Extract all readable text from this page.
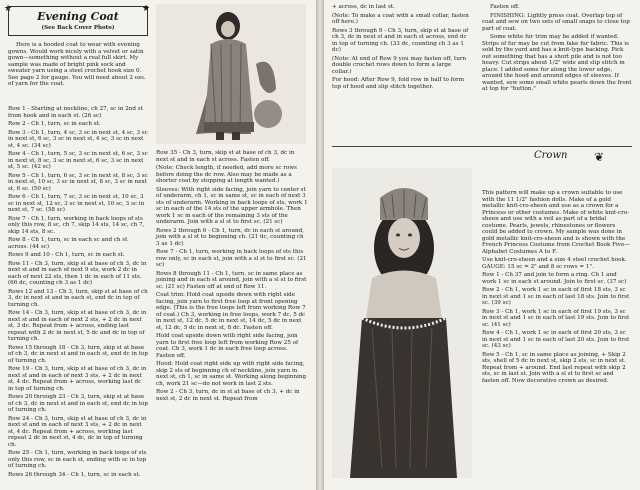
★
Evening Coat
(See Back Cover Photo)
★

Here is a hooded coat to wear with evening gowns. Would work nicely with a velvet or satin gown—something without a real full skirt. My sample was made of bright pink sock and sweater yarn using a steel crochet hook size 0. See page 2 for gauge. You will need about 2 ozs. of yarn for the coat.

Row 1 - Starting at neckline, ch 27, sc in 2nd st from hook and in each st. (26 sc)

Row 2 - Ch 1, turn, sc in each st.

Row 3 - Ch 1, turn, 4 sc, 3 sc in next st, 4 sc, 3 sc in next st, 6 sc, 3 sc in next st, 4 sc, 3 sc in next st, 4 sc. (34 sc)

Row 4 - Ch 1, turn, 5 sc, 3 sc in next st, 6 sc, 3 sc in next st, 8 sc, 3 sc in next st, 6 sc, 3 sc in next st, 5 sc. (42 sc)

Row 5 - Ch 1, turn, 6 sc, 3 sc in next st, 8 sc, 3 sc in next st, 10 sc, 3 sc in next st, 8 sc, 3 sc in next st, 6 sc. (50 sc)

Row 6 - Ch 1, turn, 7 sc, 3 sc in next st, 10 sc, 3 sc in next st, 12 sc, 3 sc in next st, 10 sc, 3 sc in next st, 7 sc. (58 sc)

Row 7 - Ch 1, turn, working in back loops of sts only this row, 8 sc, ch 7, skip 14 sts, 14 sc, ch 7, skip 14 sts, 8 sc.

Row 8 - Ch 1, turn, sc in each sc and ch st across. (44 sc)

Rows 9 and 10 - Ch 1, turn, sc in each st.

Row 11 - Ch 3, turn, skip st at base of ch 3, dc in next st and in each of next 9 sts, work 2 dc in each of next 22 sts, then 1 dc in each of 11 sts. (66 dc, counting ch 3 as 1 dc)

Rows 12 and 13 - Ch 3, turn, skip st at base of ch 3, dc in next st and in each st, end dc in top of turning ch.

Row 14 - Ch 3, turn, skip st at base of ch 3, dc in next st and in each of next 2 sts, + 2 dc in next st, 3 dc. Repeat from + across, ending last repeat with 2 dc in next st, 5 dc and dc in top of turning ch.

Rows 15 through 18 - Ch 3, turn, skip st at base of ch 3, dc in next st and in each st, end dc in top of turning ch.

Row 19 - Ch 3, turn, skip st at base of ch 3, dc in next st and in each of next 3 sts, + 2 dc in next st, 4 dc. Repeat from + across, working last dc in top of turning ch.

Rows 20 through 23 - Ch 3, turn, skip st at base of ch 3, dc in next st and in each st, end dc in top of turning ch.

Row 24 - Ch 3, turn, skip st at base of ch 3, dc in next st and in each of next 3 sts, + 2 dc in next st, 4 dc. Repeat from + across, working last repeat 2 dc in next st, 4 dc, dc in top of turning ch.

Row 25 - Ch 1, turn, working in back loops of sts only this row, sc in each st, ending with sc in top of turning ch.

Rows 26 through 34 - Ch 1, turn, sc in each st.

Row 35 - Ch 3, turn, skip st at base of ch 3, dc in next st and in each st across. Fasten off.

(Note: Check length, if needed, add more sc rows before doing the dc row. Also may be made as a shorter coat by stopping at length wanted.)

Sleeves: With right side facing, join yarn to center st of underarm, ch 1, sc in same st, sc in each of next 3 sts of underarm. Working in back loops of sts, work 1 sc in each of the 14 sts of the upper armhole. Then work 1 sc in each of the remaining 3 sts of the underarm. Join with a sl st to first sc. (21 sc)

Rows 2 through 6 - Ch 1, turn, dc in each st around, join with a sl st to beginning ch. (21 dc, counting ch 3 as 1 dc)

Row 7 - Ch 1, turn, working in back loops of sts this row only, sc in each st, join with a sl st to first sc. (21 sc)

Rows 8 through 11 - Ch 1, turn, sc in same place as joining and in each st around, join with a sl st to first sc. (21 sc) Fasten off at end of Row 11.

Coat trim: Hold coat upside down with right side facing, join yarn to first free loop at front opening edge. (This is the free loops left from working Row 7 of coat.) Ch 3, working in free loops, work 7 dc, 5 dc in next st, 12 dc, 5 dc in next st, 14 dc, 5 dc in next st, 12 dc, 5 dc in next st, 8 dc. Fasten off.

Hold coat upside down with right side facing, join yarn to first free loop left from working Row 25 of coat. Ch 3, work 1 dc in each free loop across. Fasten off.

Hood: Hold coat right side up with right side facing, skip 2 sts of beginning ch of neckline, join yarn in next st, ch 1, sc in same st. Working along beginning ch, work 21 sc—do not work in last 2 sts.

Row 2 - Ch 3, turn, dc in st at base of ch 3, + dc in next st, 2 dc in next st. Repeat from

+ across, dc in last st.

(Note: To make a coat with a small collar, fasten off here.)

Rows 3 through 9 - Ch 3, turn, skip st at base of ch 3, dc in next st and in each st across, end dc in top of turning ch. (33 dc, counting ch 3 as 1 dc)

(Note: At end of Row 9 you may fasten off, turn double crochet rows down to form a large collar.)

For hood: After Row 9, fold row in half to form top of hood and slip stitch together.

Fasten off.

FINISHING: Lightly press coat. Overlap top of coat and sew on two sets of small snaps to close top part of coat.

Some white fur trim may be added if wanted. Strips of fur may be cut from fake fur fabric. This is sold by the yard and has a knit-type backing. Pick out something that has a short pile and is not too heavy. Cut strips about 1/2" wide and slip stitch in place. I added some fur along the lower edge, around the hood and around edges of sleeves. If wanted, sew some small white pearls down the front at top for "button."

Crown ❦

This pattern will make up a crown suitable to use with the 11 1/2" fashion dolls. Make of a gold metallic knit-cro-sheen and use as a crown for a Princess or other costumes. Make of white knit-cro-sheen and use with a veil as part of a bridal costume. Pearls, jewels, rhinestones or flowers could be added to crown. My sample was done in gold metallic knit-cro-sheen and is shown with the French Princess Costume from Crochet Book Five—Alphabet Costumes A to F.

Use knit-cro-sheen and a size 4 steel crochet hook. GAUGE: 15 sc = 2" and 8 sc rows = 1".

Row 1 - Ch 37 and join to form a ring. Ch 1 and work 1 sc in each st around. Join to first sc. (37 sc)

Row 2 - Ch 1, work 1 sc in each of first 18 sts, 3 sc in next st and 1 sc in each of last 18 sts. Join to first sc. (39 sc)

Row 3 - Ch 1, work 1 sc in each of first 19 sts, 3 sc in next st and 1 sc in each of last 19 sts. Join to first sc. (41 sc)

Row 4 - Ch 1, work 1 sc in each of first 20 sts, 3 sc in next st and 1 sc in each of last 20 sts. Join to first sc. (43 sc)

Row 5 - Ch 1, sc in same place as joining, + Skip 2 sts, shell of 5 dc in next st, skip 2 sts, sc in next st. Repeat from + around. End last repeat with skip 2 sts, sc in last st. Join with a sl st to first sc and fasten off. Now decorative crown as desired.
